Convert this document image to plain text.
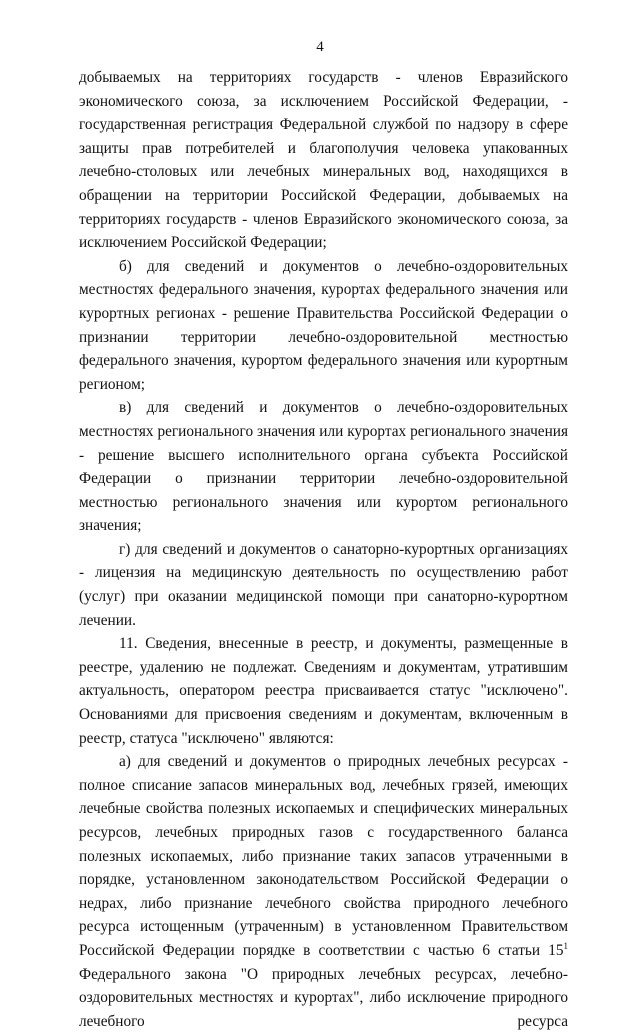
4

добываемых на территориях государств - членов Евразийского экономического союза, за исключением Российской Федерации, - государственная регистрация Федеральной службой по надзору в сфере защиты прав потребителей и благополучия человека упакованных лечебно-столовых или лечебных минеральных вод, находящихся в обращении на территории Российской Федерации, добываемых на территориях государств - членов Евразийского экономического союза, за исключением Российской Федерации;

б) для сведений и документов о лечебно-оздоровительных местностях федерального значения, курортах федерального значения или курортных регионах - решение Правительства Российской Федерации о признании территории лечебно-оздоровительной местностью федерального значения, курортом федерального значения или курортным регионом;

в) для сведений и документов о лечебно-оздоровительных местностях регионального значения или курортах регионального значения - решение высшего исполнительного органа субъекта Российской Федерации о признании территории лечебно-оздоровительной местностью регионального значения или курортом регионального значения;

г) для сведений и документов о санаторно-курортных организациях - лицензия на медицинскую деятельность по осуществлению работ (услуг) при оказании медицинской помощи при санаторно-курортном лечении.

11. Сведения, внесенные в реестр, и документы, размещенные в реестре, удалению не подлежат. Сведениям и документам, утратившим актуальность, оператором реестра присваивается статус "исключено". Основаниями для присвоения сведениям и документам, включенным в реестр, статуса "исключено" являются:

а) для сведений и документов о природных лечебных ресурсах - полное списание запасов минеральных вод, лечебных грязей, имеющих лечебные свойства полезных ископаемых и специфических минеральных ресурсов, лечебных природных газов с государственного баланса полезных ископаемых, либо признание таких запасов утраченными в порядке, установленном законодательством Российской Федерации о недрах, либо признание лечебного свойства природного лечебного ресурса истощенным (утраченным) в установленном Правительством Российской Федерации порядке в соответствии с частью 6 статьи $15^1$ Федерального закона "О природных лечебных ресурсах, лечебно-оздоровительных местностях и курортах", либо исключение природного лечебного ресурса
